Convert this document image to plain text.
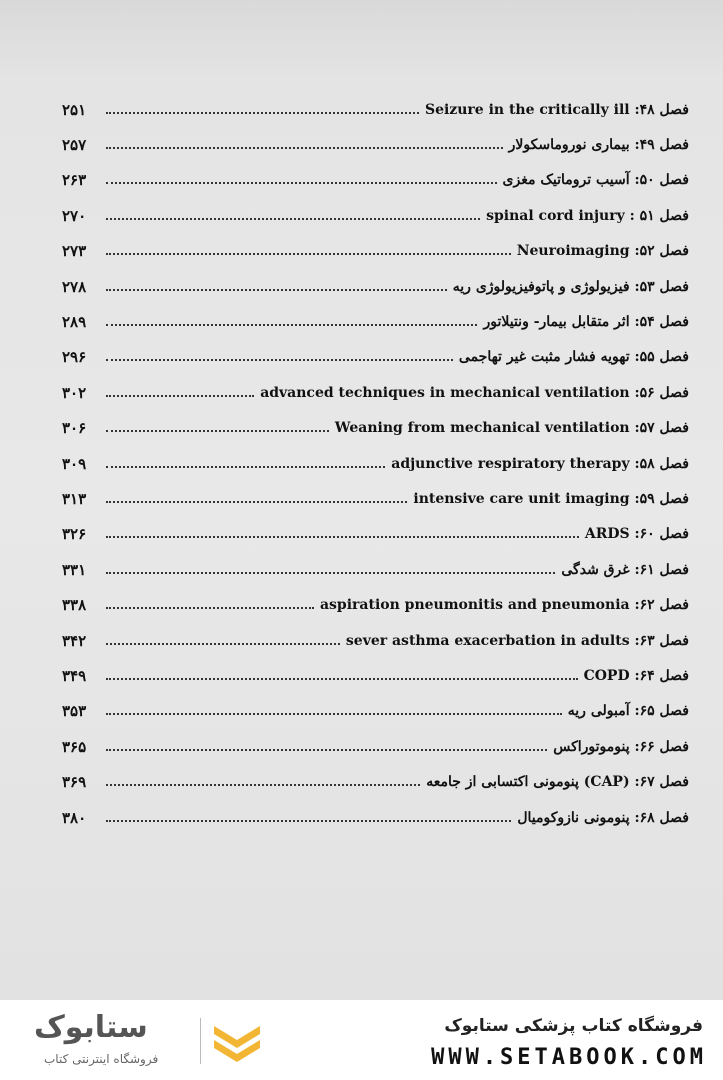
فصل ۴۸: Seizure in the critically ill
۲۵۱
فصل ۴۹: بیماری نوروماسکولار
۲۵۷
فصل ۵۰: آسیب تروماتیک مغزی
۲۶۳
فصل ۵۱ : spinal cord injury
۲۷۰
فصل ۵۲: Neuroimaging
۲۷۳
فصل ۵۳: فیزیولوژی و پاتوفیزیولوژی ریه
۲۷۸
فصل ۵۴: اثر متقابل بیمار- ونتیلاتور
۲۸۹
فصل ۵۵: تهویه فشار مثبت غیر تهاجمی
۲۹۶
فصل ۵۶: advanced techniques in mechanical ventilation
۳۰۲
فصل ۵۷: Weaning from mechanical ventilation
۳۰۶
فصل ۵۸: adjunctive respiratory therapy
۳۰۹
فصل ۵۹: intensive care unit imaging
۳۱۳
فصل ۶۰: ARDS
۳۲۶
فصل ۶۱: غرق شدگی
۳۳۱
فصل ۶۲: aspiration pneumonitis and pneumonia
۳۳۸
فصل ۶۳: sever asthma exacerbation in adults
۳۴۲
فصل ۶۴: COPD
۳۴۹
فصل ۶۵: آمبولی ریه
۳۵۳
فصل ۶۶: پنوموتوراکس
۳۶۵
فصل ۶۷: (CAP) پنومونی اکتسابی از جامعه
۳۶۹
فصل ۶۸: پنومونی نازوکومیال
۳۸۰
فروشگاه کتاب پزشکی ستابوک
WWW.SETABOOK.COM
ستابوک
فروشگاه اینترنتی کتاب
